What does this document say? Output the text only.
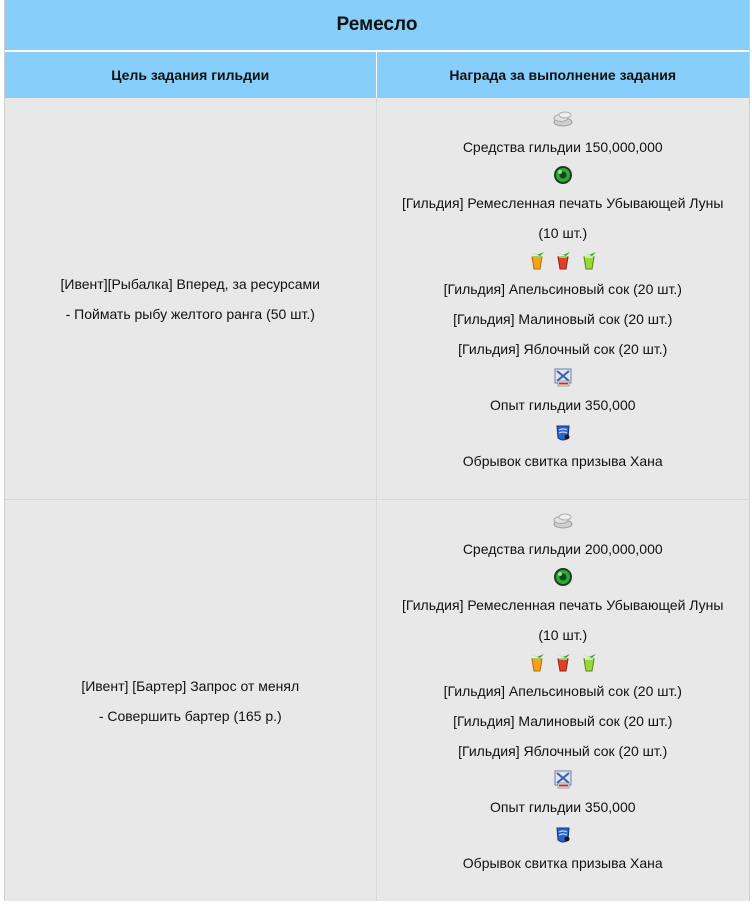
Ремесло
Цель задания гильдии	Награда за выполнение задания
[Ивент][Рыбалка] Вперед, за ресурсами
- Поймать рыбу желтого ранга (50 шт.)
Средства гильдии 150,000,000
[Гильдия] Ремесленная печать Убывающей Луны
(10 шт.)
[Гильдия] Апельсиновый сок (20 шт.)
[Гильдия] Малиновый сок (20 шт.)
[Гильдия] Яблочный сок (20 шт.)
Опыт гильдии 350,000
Обрывок свитка призыва Хана
[Ивент] [Бартер] Запрос от менял
- Совершить бартер (165 р.)
Средства гильдии 200,000,000
[Гильдия] Ремесленная печать Убывающей Луны
(10 шт.)
[Гильдия] Апельсиновый сок (20 шт.)
[Гильдия] Малиновый сок (20 шт.)
[Гильдия] Яблочный сок (20 шт.)
Опыт гильдии 350,000
Обрывок свитка призыва Хана
